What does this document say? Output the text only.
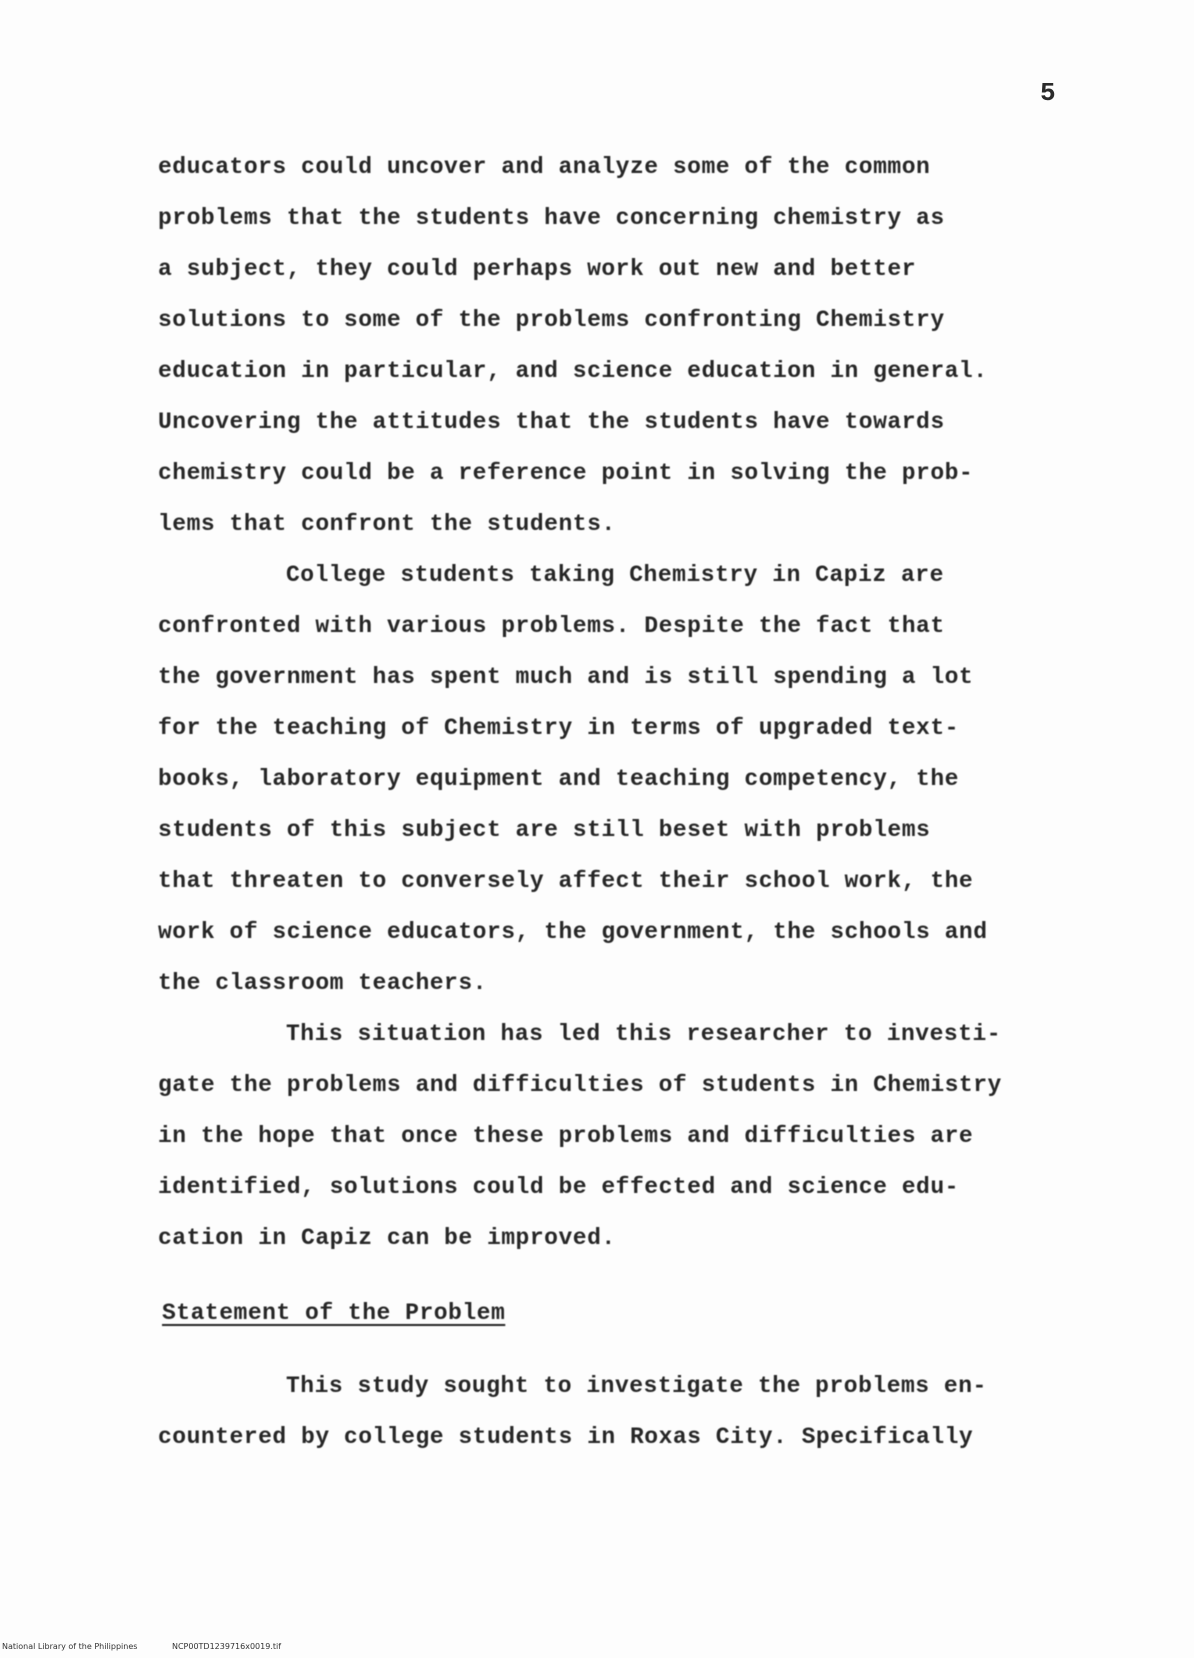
5
educators could uncover and analyze some of the common
problems that the students have concerning chemistry as
a subject, they could perhaps work out new and better
solutions to some of the problems confronting Chemistry
education in particular, and science education in general.
Uncovering the attitudes that the students have towards
chemistry could be a reference point in solving the prob-
lems that confront the students.
College students taking Chemistry in Capiz are
confronted with various problems. Despite the fact that
the government has spent much and is still spending a lot
for the teaching of Chemistry in terms of upgraded text-
books, laboratory equipment and teaching competency, the
students of this subject are still beset with problems
that threaten to conversely affect their school work, the
work of science educators, the government, the schools and
the classroom teachers.
This situation has led this researcher to investi-
gate the problems and difficulties of students in Chemistry
in the hope that once these problems and difficulties are
identified, solutions could be effected and science edu-
cation in Capiz can be improved.
Statement of the Problem
This study sought to investigate the problems en-
countered by college students in Roxas City. Specifically
National Library of the Philippines	NCP00TD1239716x0019.tif
